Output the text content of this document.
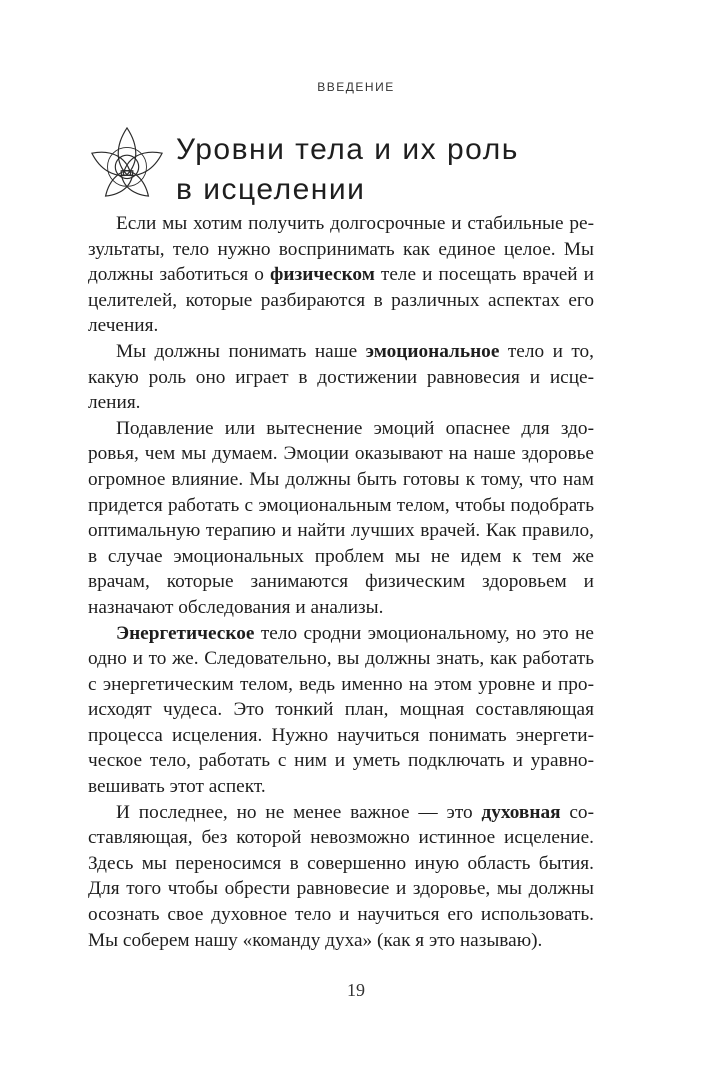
ВВЕДЕНИЕ
Уровни тела и их роль
в исцелении

Если мы хотим получить долгосрочные и стабильные результаты, тело нужно воспринимать как единое целое. Мы должны заботиться о физическом теле и посещать врачей и целителей, которые разбираются в различных аспектах его лечения.

Мы должны понимать наше эмоциональное тело и то, какую роль оно играет в достижении равновесия и исцеления.

Подавление или вытеснение эмоций опаснее для здоровья, чем мы думаем. Эмоции оказывают на наше здоровье огромное влияние. Мы должны быть готовы к тому, что нам придется работать с эмоциональным телом, чтобы подобрать оптимальную терапию и найти лучших врачей. Как правило, в случае эмоциональных проблем мы не идем к тем же врачам, которые занимаются физическим здоровьем и назначают обследования и анализы.

Энергетическое тело сродни эмоциональному, но это не одно и то же. Следовательно, вы должны знать, как работать с энергетическим телом, ведь именно на этом уровне и происходят чудеса. Это тонкий план, мощная составляющая процесса исцеления. Нужно научиться понимать энергетическое тело, работать с ним и уметь подключать и уравновешивать этот аспект.

И последнее, но не менее важное — это духовная составляющая, без которой невозможно истинное исцеление. Здесь мы переносимся в совершенно иную область бытия. Для того чтобы обрести равновесие и здоровье, мы должны осознать свое духовное тело и научиться его использовать. Мы соберем нашу «команду духа» (как я это называю).

19
